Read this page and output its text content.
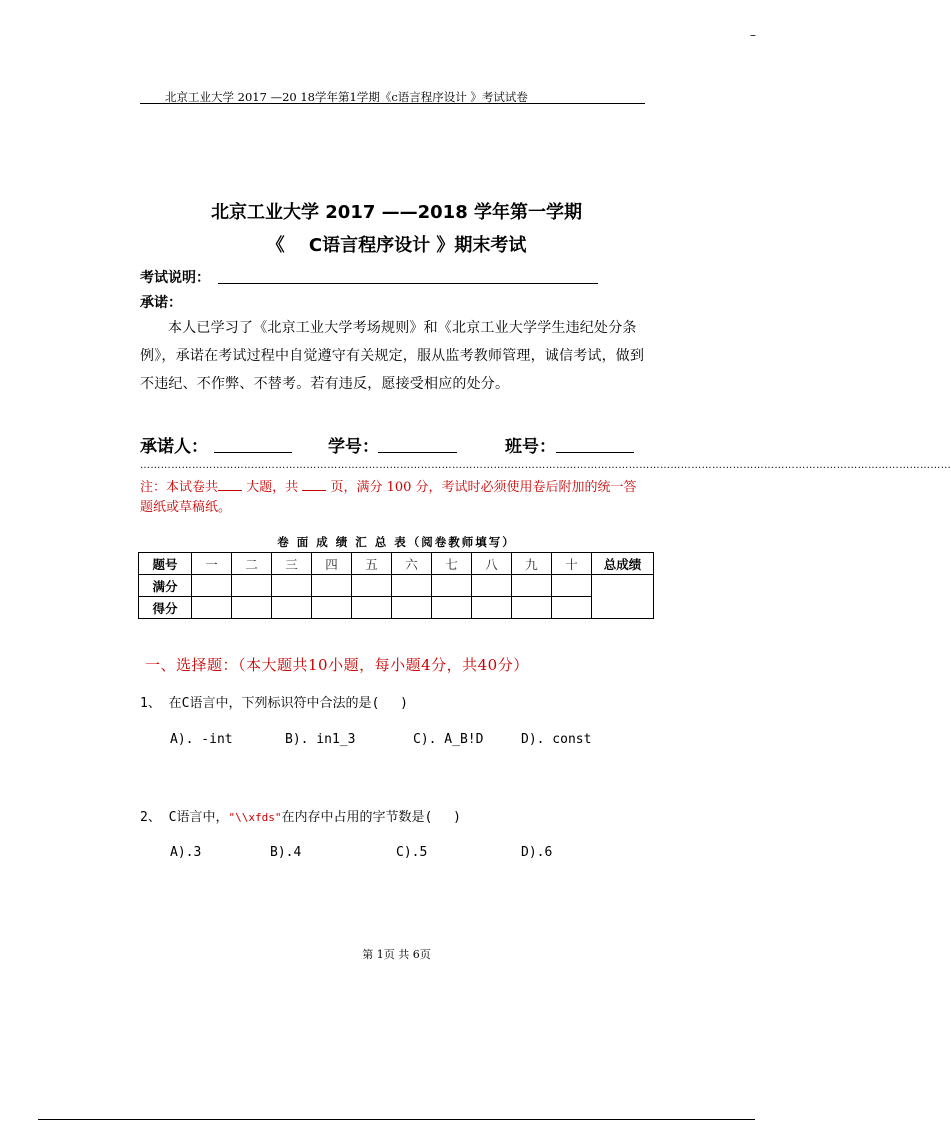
–
北京工业大学 2017 —20 18学年第1学期《c语言程序设计 》考试试卷
北京工业大学 2017 ——2018 学年第一学期
《　 C语言程序设计 》期末考试
考试说明：
承诺：
本人已学习了《北京工业大学考场规则》和《北京工业大学学生违纪处分条例》，承诺在考试过程中自觉遵守有关规定，服从监考教师管理，诚信考试，做到不违纪、不作弊、不替考。若有违反，愿接受相应的处分。
承诺人：	学号：	班号：
………………………………………………………………………………………………………………………………………………………………………………………………………………
注：本试卷共 大题，共 页，满分 100 分，考试时必须使用卷后附加的统一答题纸或草稿纸。
卷 面 成 绩 汇 总 表（阅卷教师填写）
题号	一	二	三	四	五	六	七	八	九	十	总成绩
满分											
得分											
一、选择题：（本大题共10小题，每小题4分，共40分）
1、 在C语言中，下列标识符中合法的是(　 )
A). -int	B). in1_3	C). A_B!D	D). const
2、 C语言中，"\\xfds"在内存中占用的字节数是(　 )
A).3	B).4	C).5	D).6
第 1页 共 6页
